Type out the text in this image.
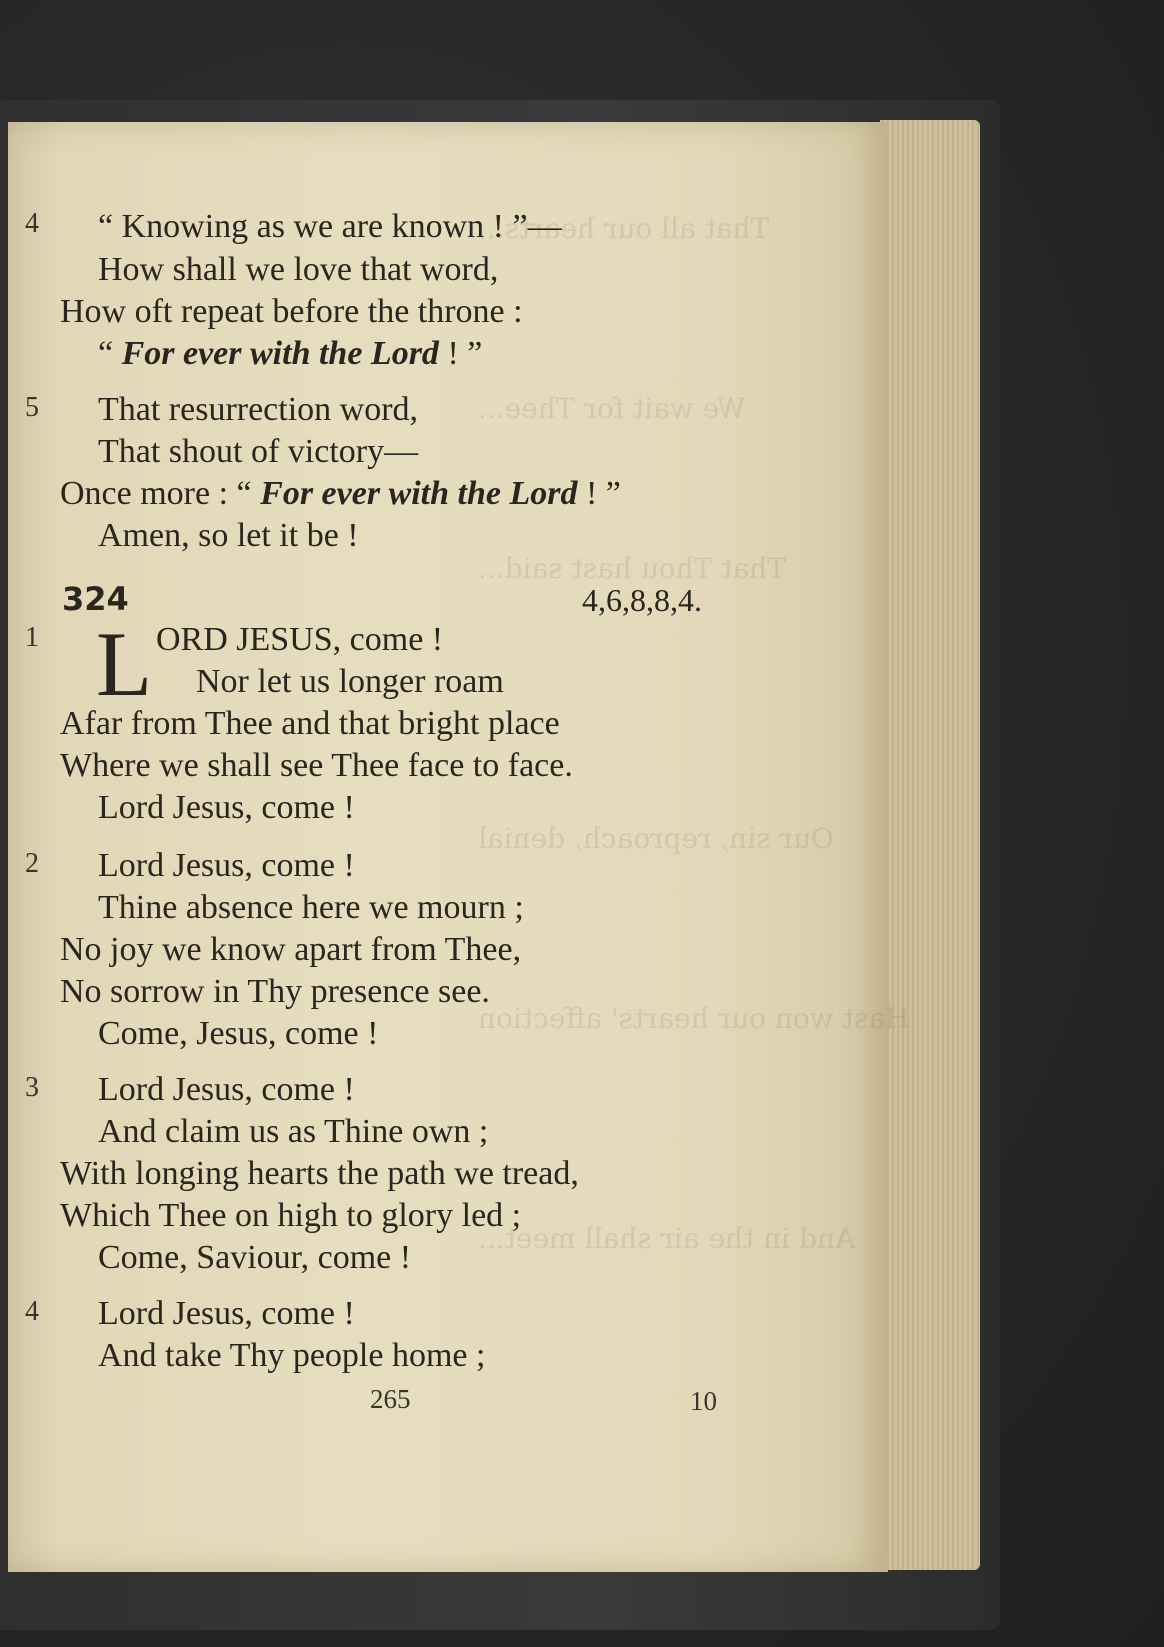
That all our hearts...
We wait for Thee...
That Thou hast said...
Our sin, reproach, denial
Hast won our hearts' affection
And in the air shall meet...
4 “ Knowing as we are known ! ”—
How shall we love that word,
How oft repeat before the throne :
“ For ever with the Lord ! ”
5 That resurrection word,
That shout of victory—
Once more : “ For ever with the Lord ! ”
Amen, so let it be !
324	4,6,8,8,4.
1 L ORD JESUS, come !
Nor let us longer roam
Afar from Thee and that bright place
Where we shall see Thee face to face.
Lord Jesus, come !
2 Lord Jesus, come !
Thine absence here we mourn ;
No joy we know apart from Thee,
No sorrow in Thy presence see.
Come, Jesus, come !
3 Lord Jesus, come !
And claim us as Thine own ;
With longing hearts the path we tread,
Which Thee on high to glory led ;
Come, Saviour, come !
4 Lord Jesus, come !
And take Thy people home ;
265	10
